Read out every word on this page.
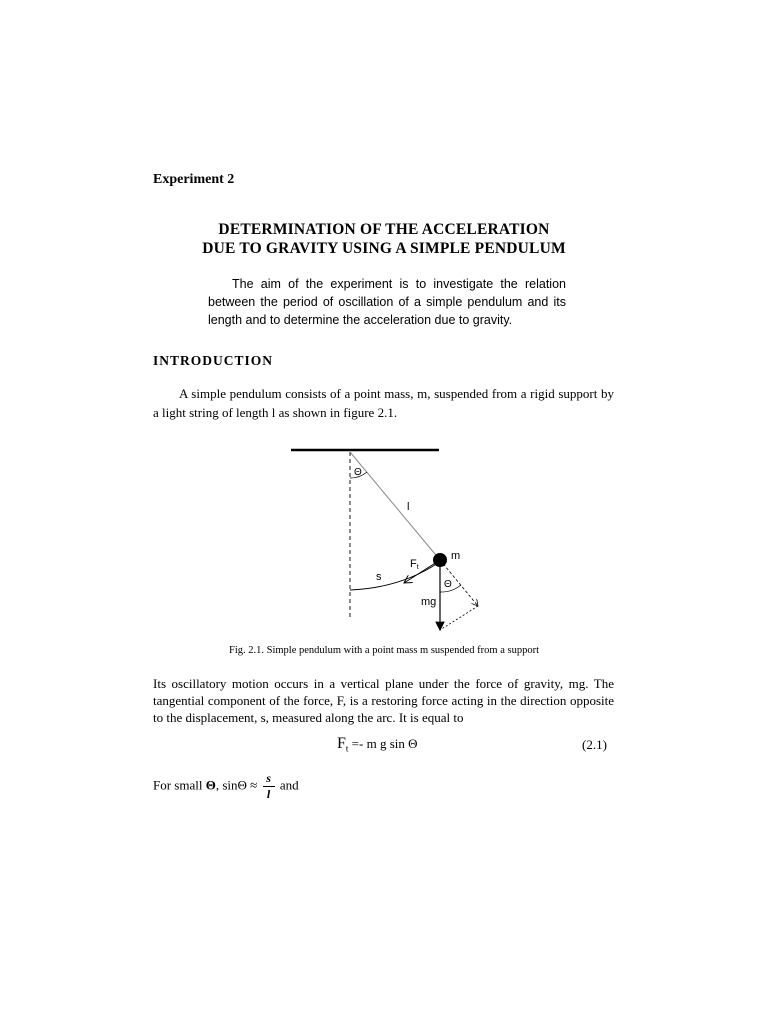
Experiment 2
DETERMINATION OF THE ACCELERATION
DUE TO GRAVITY USING A SIMPLE PENDULUM
The aim of the experiment is to investigate the relation between the period of oscillation of a simple pendulum and its length and to determine the acceleration due to gravity.
INTRODUCTION
A simple pendulum consists of a point mass, m, suspended from a rigid support by a light string of length l as shown in figure 2.1.
Θ
l
m
Ft
s
Θ
mg
Fig. 2.1. Simple pendulum with a point mass m suspended from a support
Its oscillatory motion occurs in a vertical plane under the force of gravity, mg. The tangential component of the force, F, is a restoring force acting in the direction opposite to the displacement, s, measured along the arc. It is equal to
$F_t =- m$ g sin Θ	(2.1)
For small Θ, $\sin\Theta \approx \frac{s}{l}$ and
